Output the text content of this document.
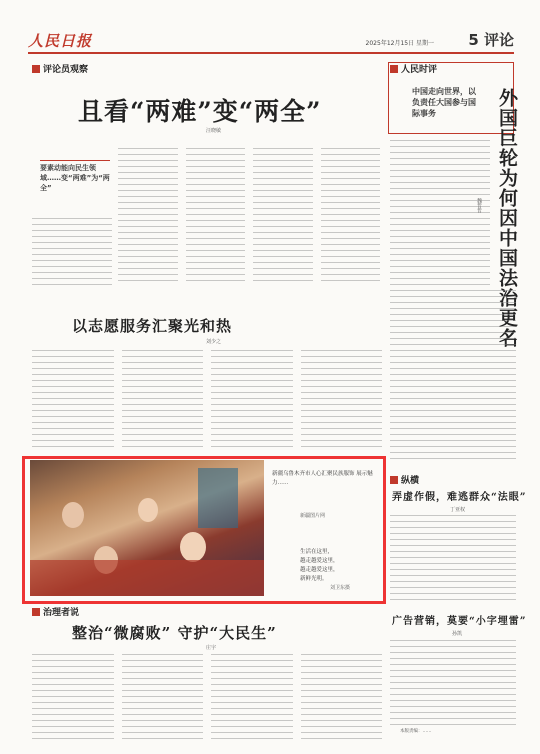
人民日报	2025年12月15日 星期一 5 评论
评论员观察
且看“两难”变“两全”
汪晓敏
要素动能向民生领域……变“两难”为“两全”
以志愿服务汇聚光和热
刘少之
人民时评
中国走向世界，以负责任大国参与国际事务	外国巨轮为何因中国法治更名
魏哲哲
新疆乌鲁木齐市人心汇聚民族服饰 展示魅力……
新疆图片网
刘卫东摄
生活在这里，
越走越爱这里，
越走越爱这里，
新鲜光明。
纵横
弄虚作假，难逃群众“法眼”
丁亚权
广告营销，莫要“小字埋雷”
孙凯
治理者说
整治“微腐败” 守护“大民生”
庄宇
本版责编：……
